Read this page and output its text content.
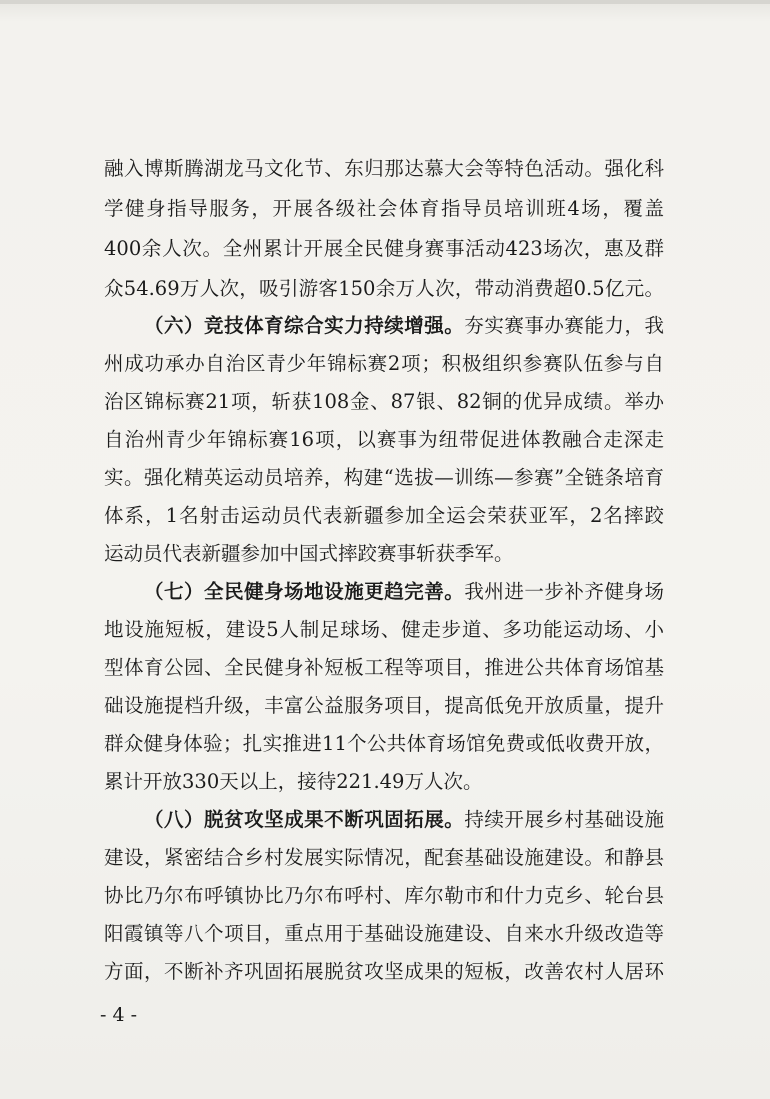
融入博斯腾湖龙马文化节、东归那达慕大会等特色活动。强化科
学健身指导服务，开展各级社会体育指导员培训班4场，覆盖
400余人次。全州累计开展全民健身赛事活动423场次，惠及群
众54.69万人次，吸引游客150余万人次，带动消费超0.5亿元。
（六）竞技体育综合实力持续增强。夯实赛事办赛能力，我
州成功承办自治区青少年锦标赛2项；积极组织参赛队伍参与自
治区锦标赛21项，斩获108金、87银、82铜的优异成绩。举办
自治州青少年锦标赛16项，以赛事为纽带促进体教融合走深走
实。强化精英运动员培养，构建“选拔—训练—参赛”全链条培育
体系，1名射击运动员代表新疆参加全运会荣获亚军，2名摔跤
运动员代表新疆参加中国式摔跤赛事斩获季军。
（七）全民健身场地设施更趋完善。我州进一步补齐健身场
地设施短板，建设5人制足球场、健走步道、多功能运动场、小
型体育公园、全民健身补短板工程等项目，推进公共体育场馆基
础设施提档升级，丰富公益服务项目，提高低免开放质量，提升
群众健身体验；扎实推进11个公共体育场馆免费或低收费开放，
累计开放330天以上，接待221.49万人次。
（八）脱贫攻坚成果不断巩固拓展。持续开展乡村基础设施
建设，紧密结合乡村发展实际情况，配套基础设施建设。和静县
协比乃尔布呼镇协比乃尔布呼村、库尔勒市和什力克乡、轮台县
阳霞镇等八个项目，重点用于基础设施建设、自来水升级改造等
方面，不断补齐巩固拓展脱贫攻坚成果的短板，改善农村人居环
- 4 -
